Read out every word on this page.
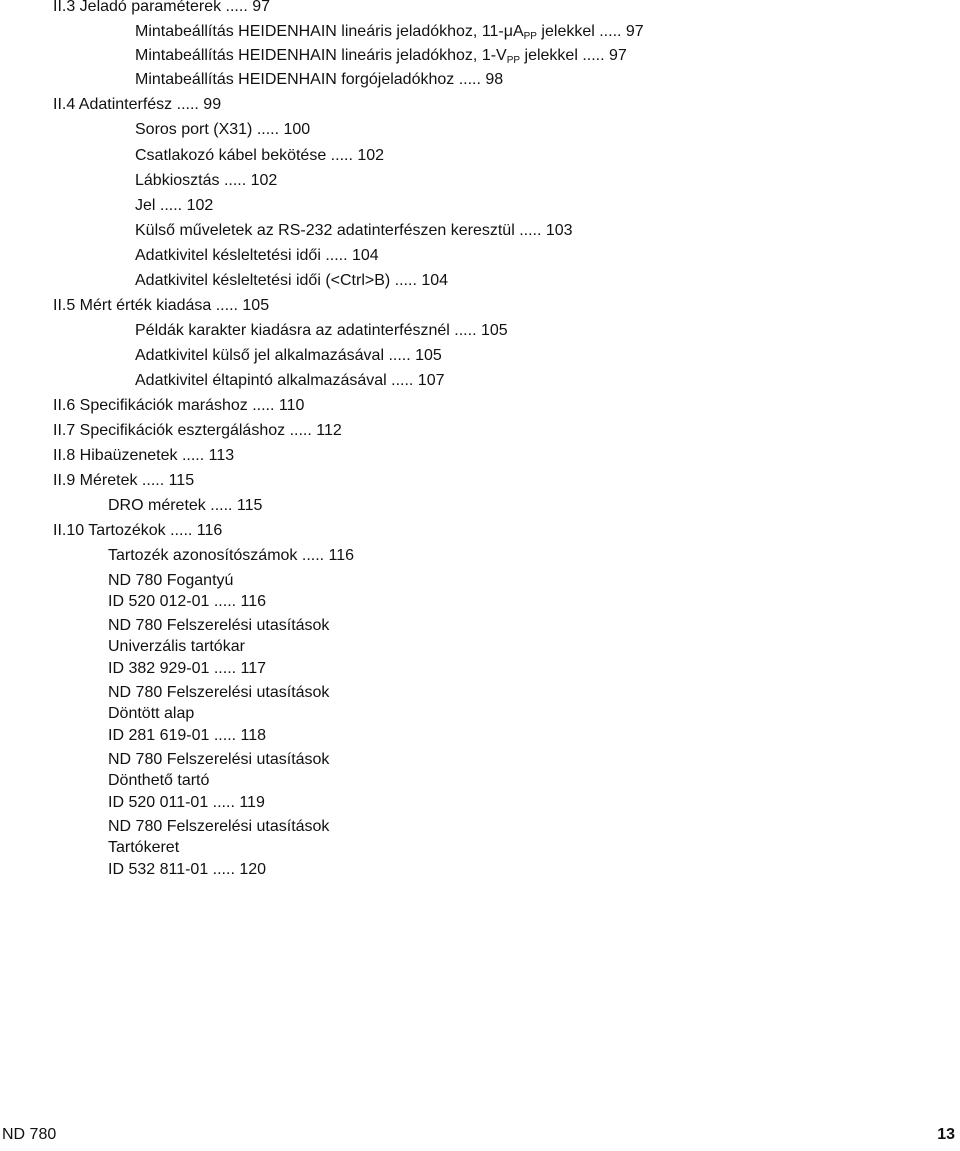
II.3 Jeladó paraméterek ..... 97
Mintabeállítás HEIDENHAIN lineáris jeladókhoz, $11-\mu A_{PP}$ jelekkel ..... 97
Mintabeállítás HEIDENHAIN lineáris jeladókhoz, $1-V_{PP}$ jelekkel ..... 97
Mintabeállítás HEIDENHAIN forgójeladókhoz ..... 98
II.4 Adatinterfész ..... 99
Soros port (X31) ..... 100
Csatlakozó kábel bekötése ..... 102
Lábkiosztás ..... 102
Jel ..... 102
Külső műveletek az RS-232 adatinterfészen keresztül ..... 103
Adatkivitel késleltetési idői ..... 104
Adatkivitel késleltetési idői (<Ctrl>B) ..... 104
II.5 Mért érték kiadása ..... 105
Példák karakter kiadásra az adatinterfésznél ..... 105
Adatkivitel külső jel alkalmazásával ..... 105
Adatkivitel éltapintó alkalmazásával ..... 107
II.6 Specifikációk maráshoz ..... 110
II.7 Specifikációk esztergáláshoz ..... 112
II.8 Hibaüzenetek ..... 113
II.9 Méretek ..... 115
DRO méretek ..... 115
II.10 Tartozékok ..... 116
Tartozék azonosítószámok ..... 116
ND 780 Fogantyú
ID 520 012-01 ..... 116
ND 780 Felszerelési utasítások
Univerzális tartókar
ID 382 929-01 ..... 117
ND 780 Felszerelési utasítások
Döntött alap
ID 281 619-01 ..... 118
ND 780 Felszerelési utasítások
Dönthető tartó
ID 520 011-01 ..... 119
ND 780 Felszerelési utasítások
Tartókeret
ID 532 811-01 ..... 120
ND 780	13
